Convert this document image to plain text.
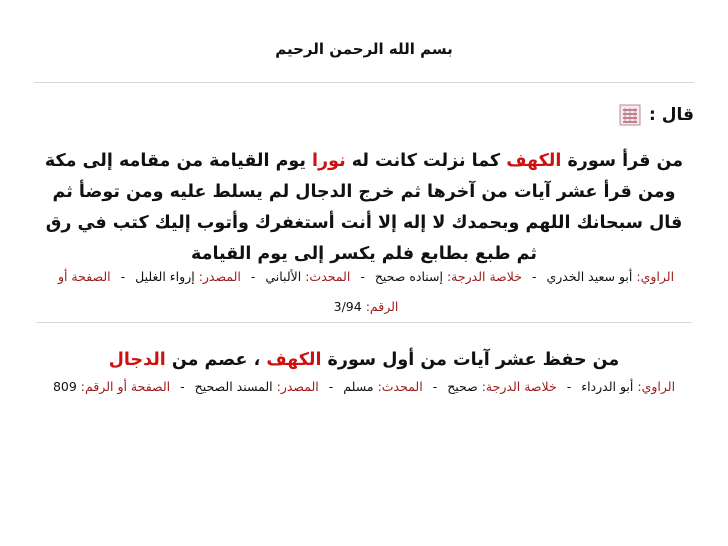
بسم الله الرحمن الرحيم
قال :
من قرأ سورة الكهف كما نزلت كانت له نورا يوم القيامة من مقامه إلى مكة ومن قرأ عشر آيات من آخرها ثم خرج الدجال لم يسلط عليه ومن توضأ ثم قال سبحانك اللهم وبحمدك لا إله إلا أنت أستغفرك وأتوب إليك كتب في رق ثم طبع بطابع فلم يكسر إلى يوم القيامة
الراوي: أبو سعيد الخدري - خلاصة الدرجة: إسناده صحيح - المحدث: الألباني - المصدر: إرواء الغليل - الصفحة أو الرقم: 3/94
من حفظ عشر آيات من أول سورة الكهف ، عصم من الدجال
الراوي: أبو الدرداء - خلاصة الدرجة: صحيح - المحدث: مسلم - المصدر: المسند الصحيح - الصفحة أو الرقم: 809
